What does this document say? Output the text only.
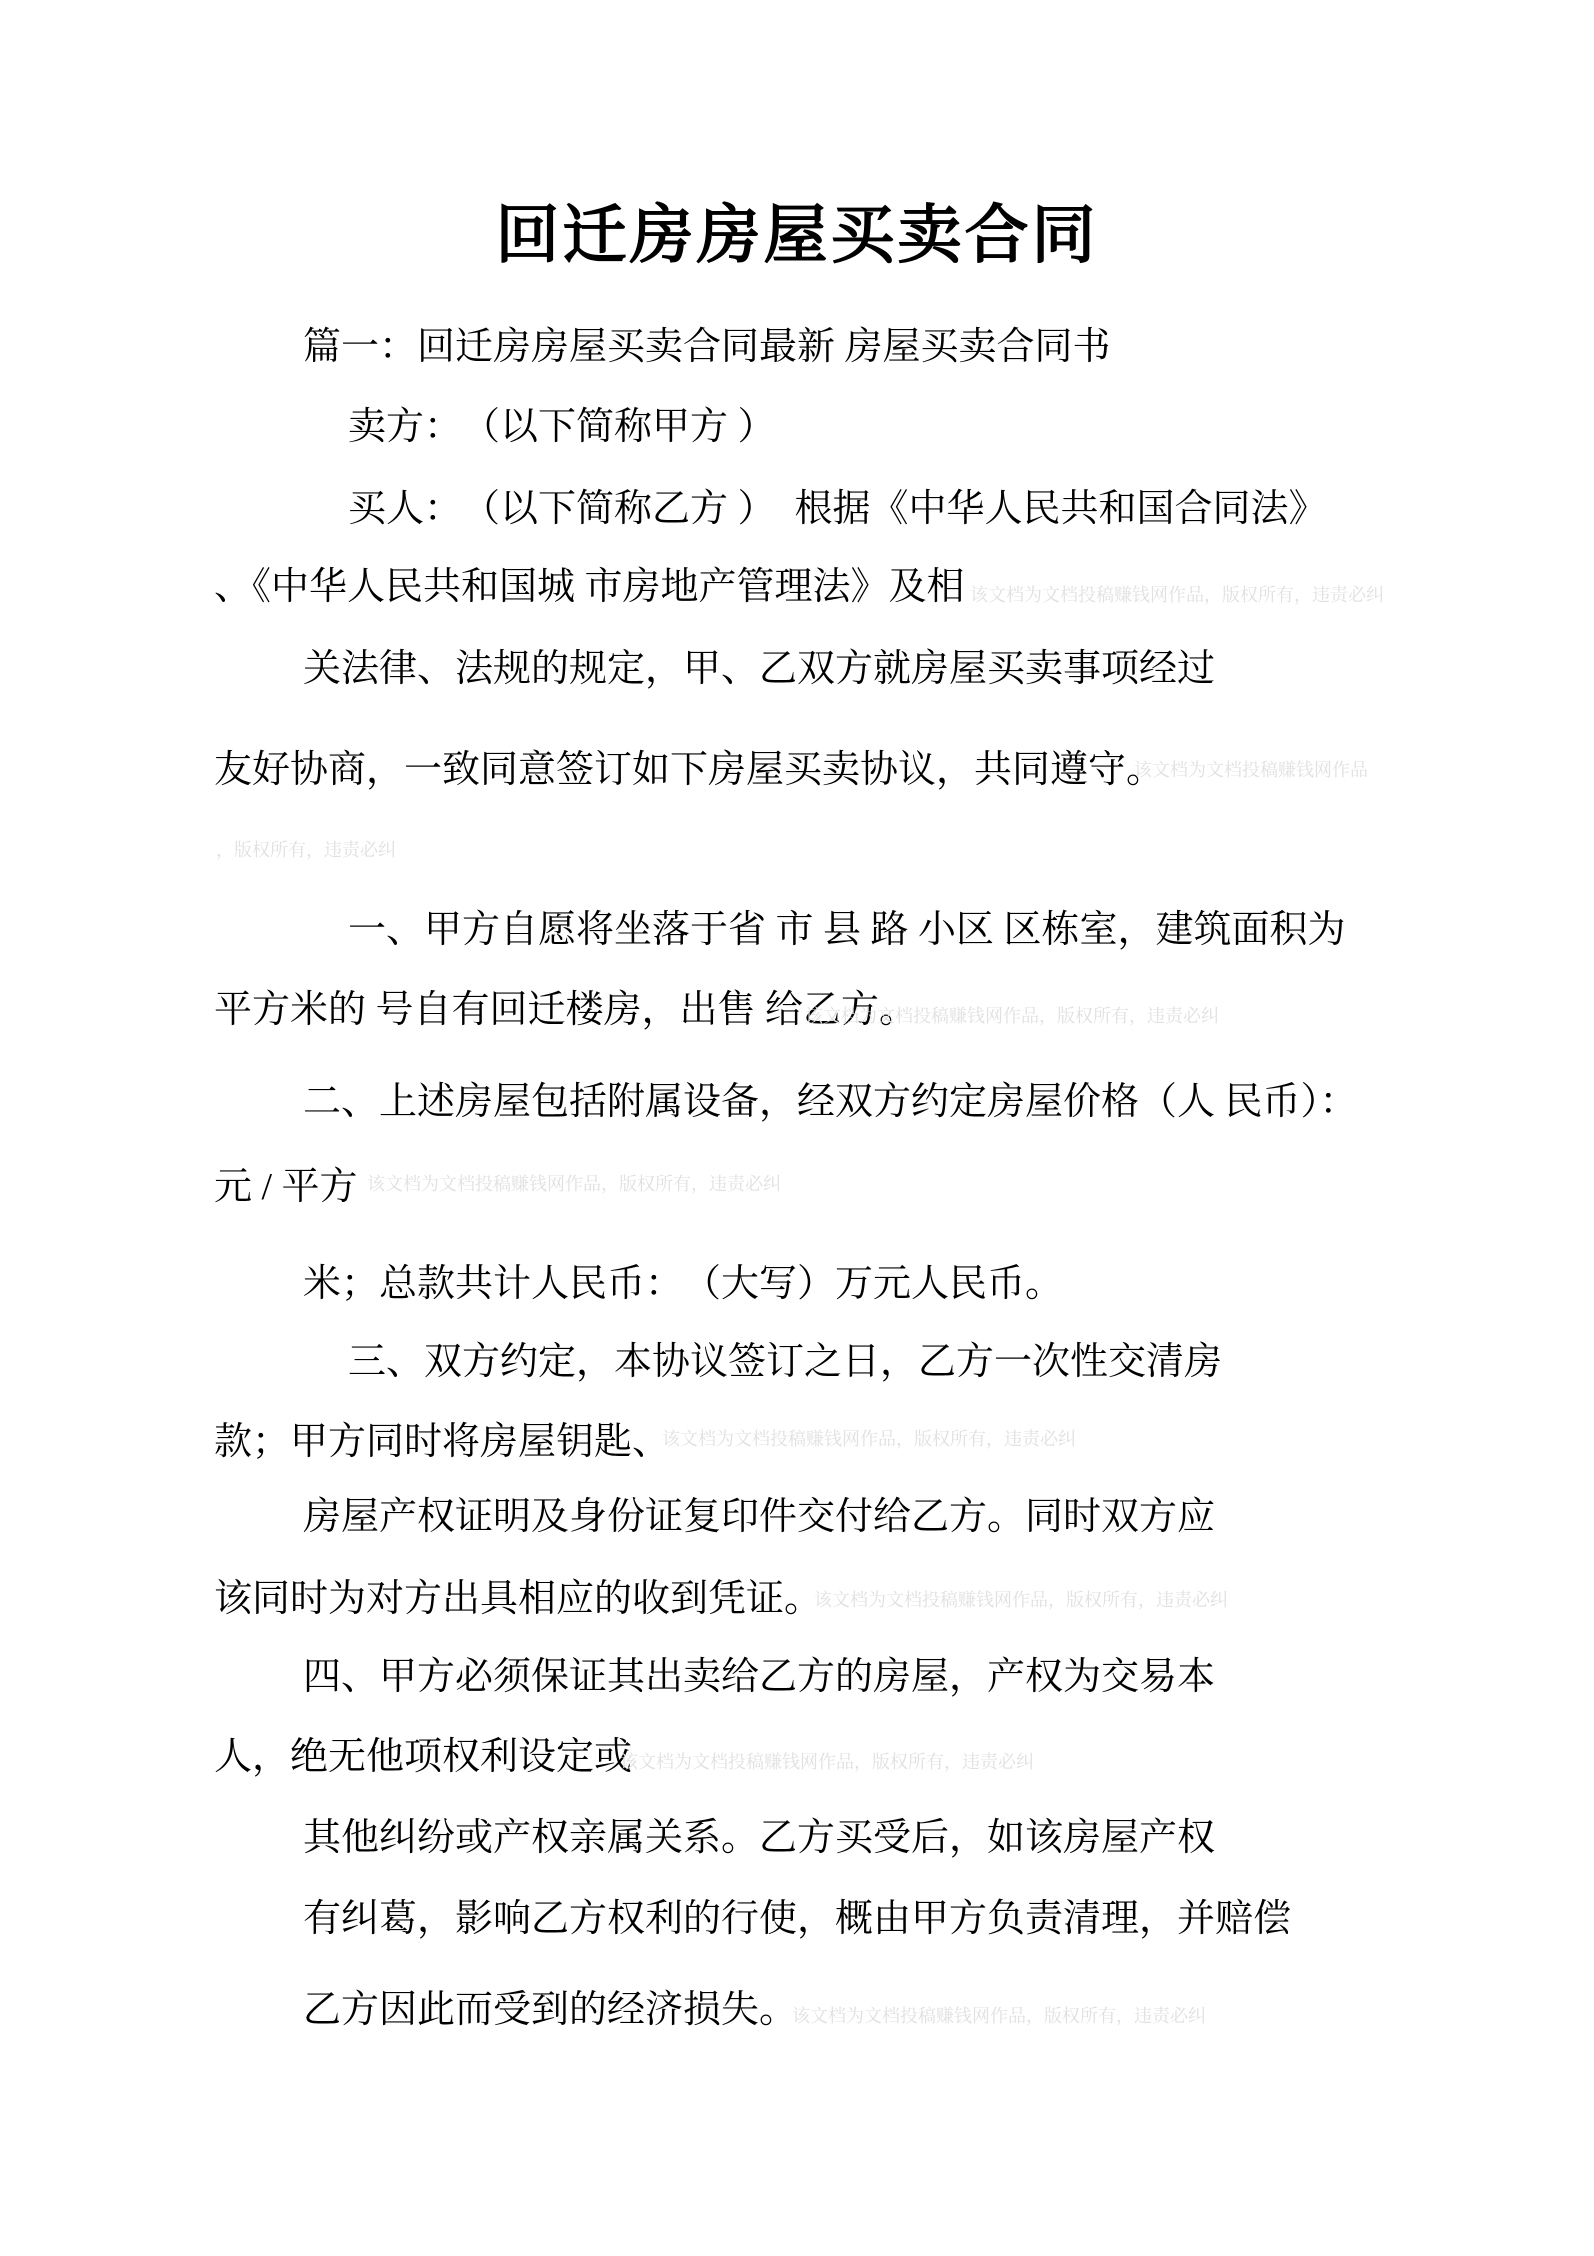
回迁房房屋买卖合同
篇一：回迁房房屋买卖合同最新 房屋买卖合同书
卖方：　（以下简称甲方 ）
买人：　（以下简称乙方 ）　根据《中华人民共和国合同法》
、《中华人民共和国城 市房地产管理法》及相
关法律、法规的规定，甲、乙双方就房屋买卖事项经过
友好协商，一致同意签订如下房屋买卖协议，共同遵守。
一、甲方自愿将坐落于省 市 县 路 小区 区栋室，建筑面积为
平方米的 号自有回迁楼房，出售 给乙方。
二、上述房屋包括附属设备，经双方约定房屋价格（人 民币）：
元 / 平方
米；总款共计人民币：　（大写）万元人民币。
三、双方约定，本协议签订之日，乙方一次性交清房
款；甲方同时将房屋钥匙、
房屋产权证明及身份证复印件交付给乙方。同时双方应
该同时为对方出具相应的收到凭证。
四、甲方必须保证其出卖给乙方的房屋，产权为交易本
人，绝无他项权利设定或
其他纠纷或产权亲属关系。乙方买受后，如该房屋产权
有纠葛，影响乙方权利的行使，概由甲方负责清理，并赔偿
乙方因此而受到的经济损失。
该文档为文档投稿赚钱网作品，版权所有，违责必纠
该文档为文档投稿赚钱网作品
，版权所有，违责必纠
该文档为文档投稿赚钱网作品，版权所有，违责必纠
该文档为文档投稿赚钱网作品，版权所有，违责必纠
该文档为文档投稿赚钱网作品，版权所有，违责必纠
该文档为文档投稿赚钱网作品，版权所有，违责必纠
该文档为文档投稿赚钱网作品，版权所有，违责必纠
该文档为文档投稿赚钱网作品，版权所有，违责必纠
